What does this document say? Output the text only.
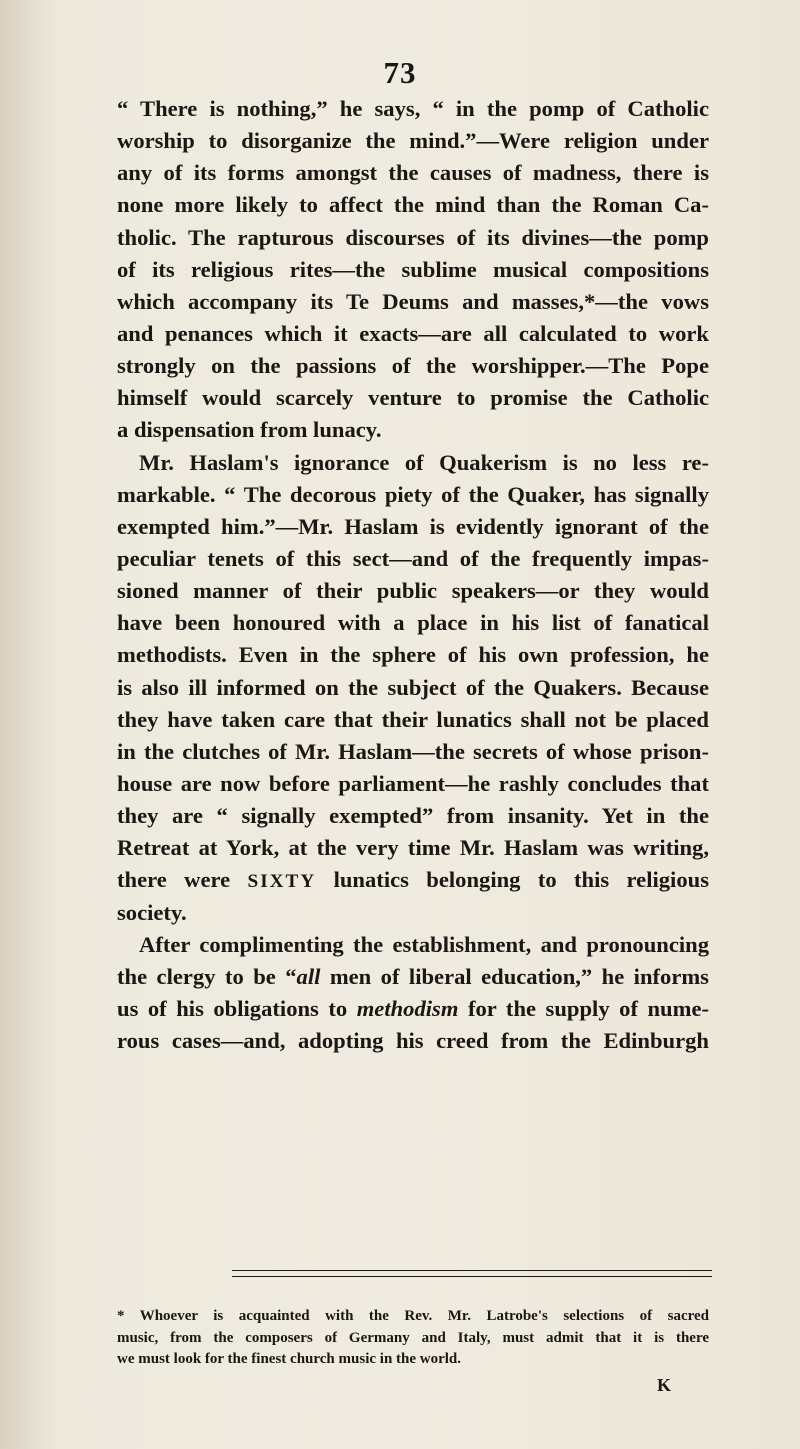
73
“ There is nothing,” he says, “ in the pomp of Catholic
worship to disorganize the mind.”—Were religion under
any of its forms amongst the causes of madness, there is
none more likely to affect the mind than the Roman Ca-
tholic. The rapturous discourses of its divines—the pomp
of its religious rites—the sublime musical compositions
which accompany its Te Deums and masses,*—the vows
and penances which it exacts—are all calculated to work
strongly on the passions of the worshipper.—The Pope
himself would scarcely venture to promise the Catholic
a dispensation from lunacy.
Mr. Haslam's ignorance of Quakerism is no less re-
markable. “ The decorous piety of the Quaker, has signally
exempted him.”—Mr. Haslam is evidently ignorant of the
peculiar tenets of this sect—and of the frequently impas-
sioned manner of their public speakers—or they would
have been honoured with a place in his list of fanatical
methodists. Even in the sphere of his own profession, he
is also ill informed on the subject of the Quakers. Because
they have taken care that their lunatics shall not be placed
in the clutches of Mr. Haslam—the secrets of whose prison-
house are now before parliament—he rashly concludes that
they are “ signally exempted” from insanity. Yet in the
Retreat at York, at the very time Mr. Haslam was writing,
there were SIXTY lunatics belonging to this religious
society.
After complimenting the establishment, and pronouncing
the clergy to be “all men of liberal education,” he informs
us of his obligations to methodism for the supply of nume-
rous cases—and, adopting his creed from the Edinburgh
* Whoever is acquainted with the Rev. Mr. Latrobe's selections of sacred
music, from the composers of Germany and Italy, must admit that it is there
we must look for the finest church music in the world.
K
